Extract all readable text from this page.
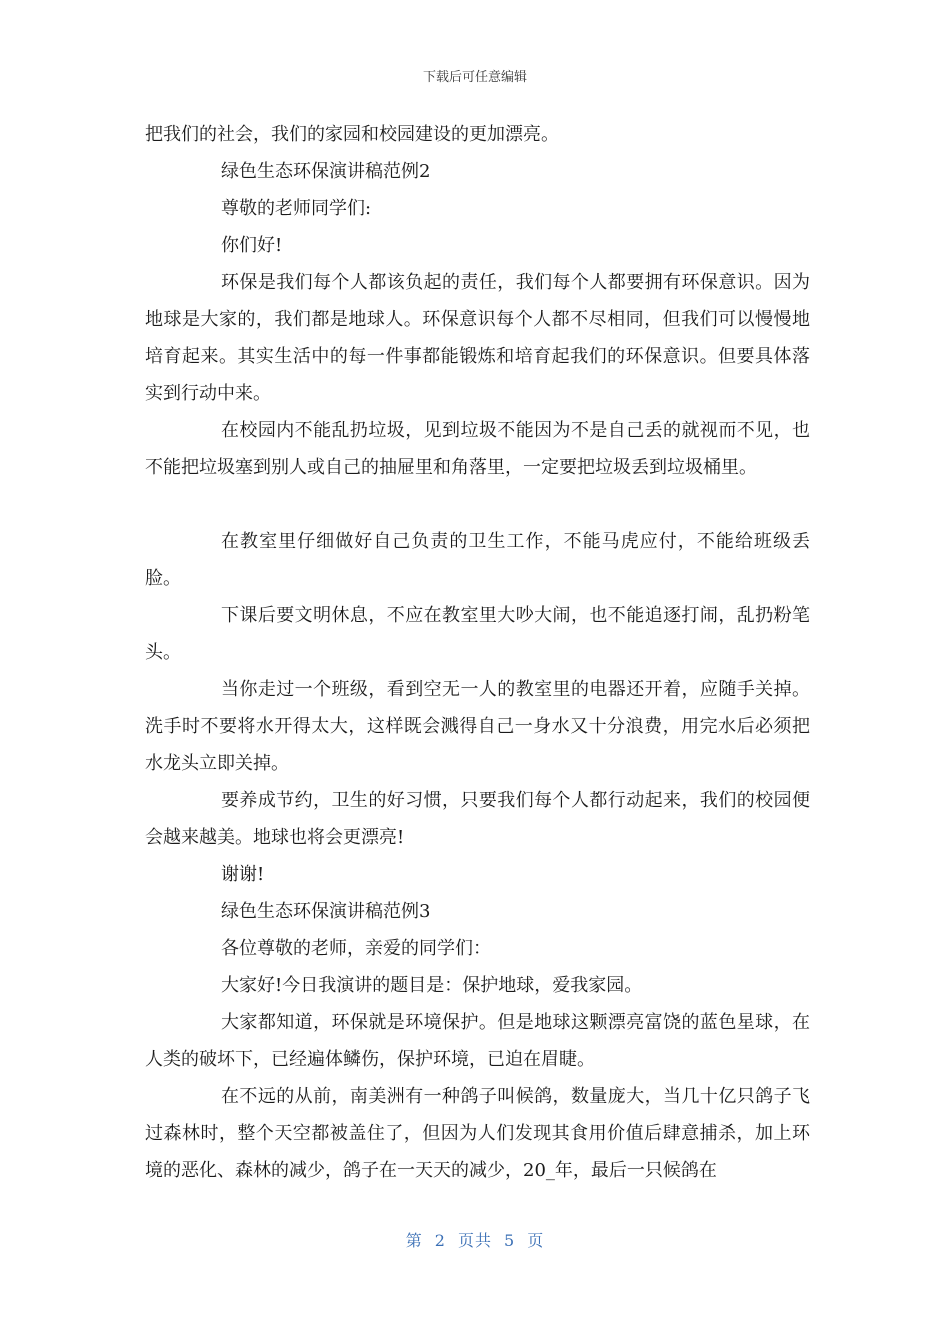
下载后可任意编辑

把我们的社会，我们的家园和校园建设的更加漂亮。

绿色生态环保演讲稿范例2

尊敬的老师同学们:

你们好!

环保是我们每个人都该负起的责任，我们每个人都要拥有环保意识。因为地球是大家的，我们都是地球人。环保意识每个人都不尽相同，但我们可以慢慢地培育起来。其实生活中的每一件事都能锻炼和培育起我们的环保意识。但要具体落实到行动中来。

在校园内不能乱扔垃圾，见到垃圾不能因为不是自己丢的就视而不见，也不能把垃圾塞到别人或自己的抽屉里和角落里，一定要把垃圾丢到垃圾桶里。

在教室里仔细做好自己负责的卫生工作，不能马虎应付，不能给班级丢脸。

下课后要文明休息，不应在教室里大吵大闹，也不能追逐打闹，乱扔粉笔头。

当你走过一个班级，看到空无一人的教室里的电器还开着，应随手关掉。洗手时不要将水开得太大，这样既会溅得自己一身水又十分浪费，用完水后必须把水龙头立即关掉。

要养成节约，卫生的好习惯，只要我们每个人都行动起来，我们的校园便会越来越美。地球也将会更漂亮!

谢谢!

绿色生态环保演讲稿范例3

各位尊敬的老师，亲爱的同学们：

大家好!今日我演讲的题目是：保护地球，爱我家园。

大家都知道，环保就是环境保护。但是地球这颗漂亮富饶的蓝色星球，在人类的破坏下，已经遍体鳞伤，保护环境，已迫在眉睫。

在不远的从前，南美洲有一种鸽子叫候鸽，数量庞大，当几十亿只鸽子飞过森林时，整个天空都被盖住了，但因为人们发现其食用价值后肆意捕杀，加上环境的恶化、森林的减少，鸽子在一天天的减少，20_年，最后一只候鸽在

第 2 页共 5 页
